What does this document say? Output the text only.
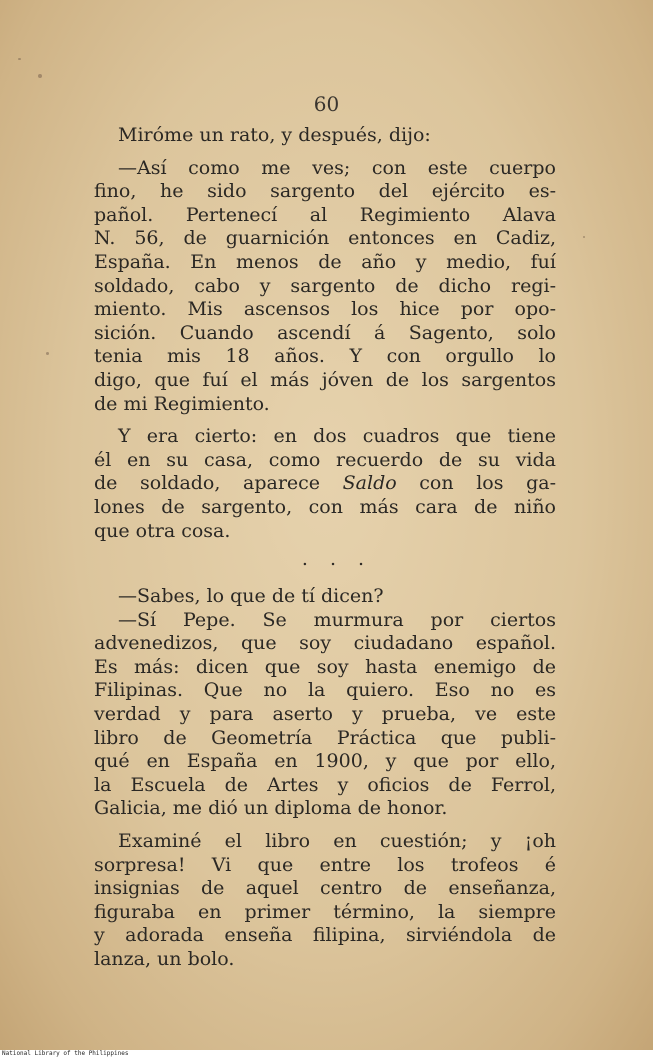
60
Miróme un rato, y después, dijo:
—Así como me ves; con este cuerpo
fino, he sido sargento del ejército es-
pañol. Pertenecí al Regimiento Alava
N. 56, de guarnición entonces en Cadiz,
España. En menos de año y medio, fuí
soldado, cabo y sargento de dicho regi-
miento. Mis ascensos los hice por opo-
sición. Cuando ascendí á Sagento, solo
tenia mis 18 años. Y con orgullo lo
digo, que fuí el más jóven de los sargentos
de mi Regimiento.
Y era cierto: en dos cuadros que tiene
él en su casa, como recuerdo de su vida
de soldado, aparece Saldo con los ga-
lones de sargento, con más cara de niño
que otra cosa.
. . .
—Sabes, lo que de tí dicen?
—Sí Pepe. Se murmura por ciertos
advenedizos, que soy ciudadano español.
Es más: dicen que soy hasta enemigo de
Filipinas. Que no la quiero. Eso no es
verdad y para aserto y prueba, ve este
libro de Geometría Práctica que publi-
qué en España en 1900, y que por ello,
la Escuela de Artes y oficios de Ferrol,
Galicia, me dió un diploma de honor.
Examiné el libro en cuestión; y ¡oh
sorpresa! Vi que entre los trofeos é
insignias de aquel centro de enseñanza,
figuraba en primer término, la siempre
y adorada enseña filipina, sirviéndola de
lanza, un bolo.
National Library of the Philippines
